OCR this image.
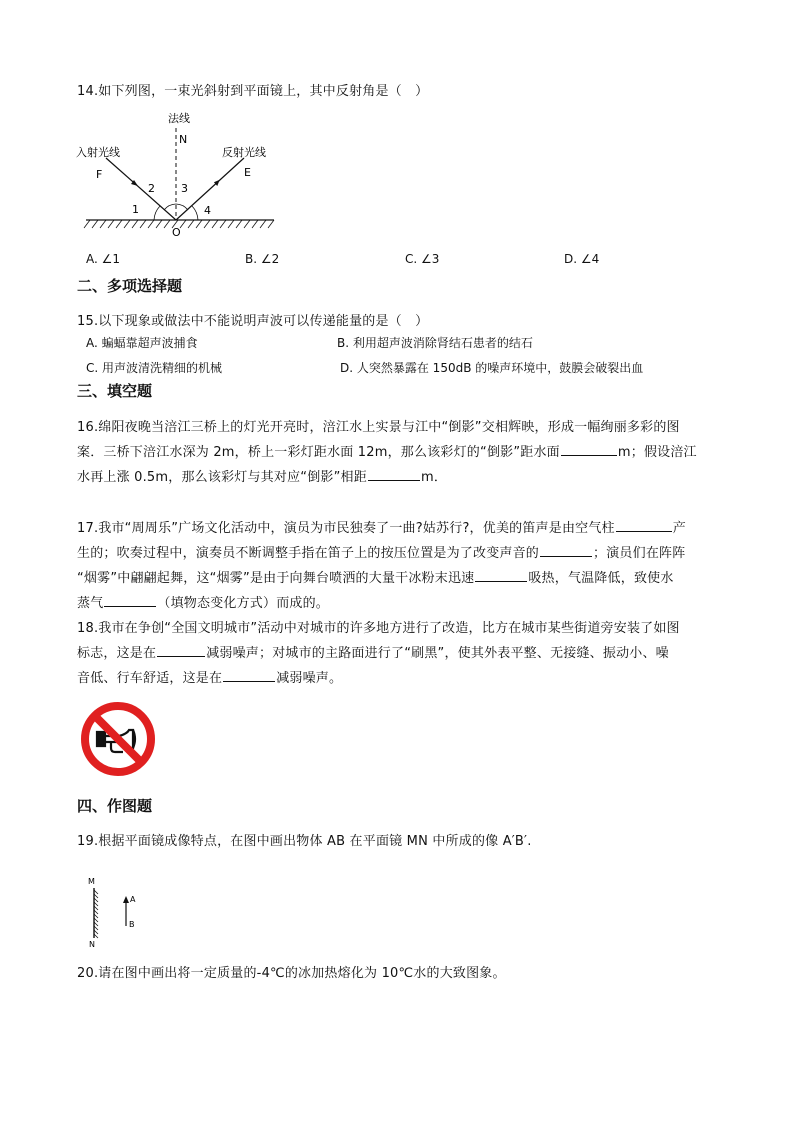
14.如下列图，一束光斜射到平面镜上，其中反射角是（　）
法线
N
入射光线	反射光线
F	E
O
1
2 3
4
A. ∠1	B. ∠2	C. ∠3	D. ∠4
二、多项选择题
15.以下现象或做法中不能说明声波可以传递能量的是（　）
A. 蝙蝠靠超声波捕食	B. 利用超声波消除肾结石患者的结石
C. 用声波清洗精细的机械	D. 人突然暴露在 150dB 的噪声环境中，鼓膜会破裂出血
三、填空题
16.绵阳夜晚当涪江三桥上的灯光开亮时，涪江水上实景与江中“倒影”交相辉映，形成一幅绚丽多彩的图
案．三桥下涪江水深为 2m，桥上一彩灯距水面 12m，那么该彩灯的“倒影”距水面	m；假设涪江
水再上涨 0.5m，那么该彩灯与其对应“倒影”相距	m．
17.我市“周周乐”广场文化活动中，演员为市民独奏了一曲?姑苏行?，优美的笛声是由空气柱	产
生的；吹奏过程中，演奏员不断调整手指在笛子上的按压位置是为了改变声音的	；演员们在阵阵
“烟雾”中翩翩起舞，这“烟雾”是由于向舞台喷洒的大量干冰粉末迅速	吸热，气温降低，致使水
蒸气	（填物态变化方式）而成的。
18.我市在争创“全国文明城市”活动中对城市的许多地方进行了改造，比方在城市某些街道旁安装了如图
标志，这是在	减弱噪声；对城市的主路面进行了“刷黑”，使其外表平整、无接缝、振动小、噪
音低、行车舒适，这是在	减弱噪声。
四、作图题
19.根据平面镜成像特点，在图中画出物体 AB 在平面镜 MN 中所成的像 A′B′.
M
N
A
B
20.请在图中画出将一定质量的-4℃的冰加热熔化为 10℃水的大致图象。
